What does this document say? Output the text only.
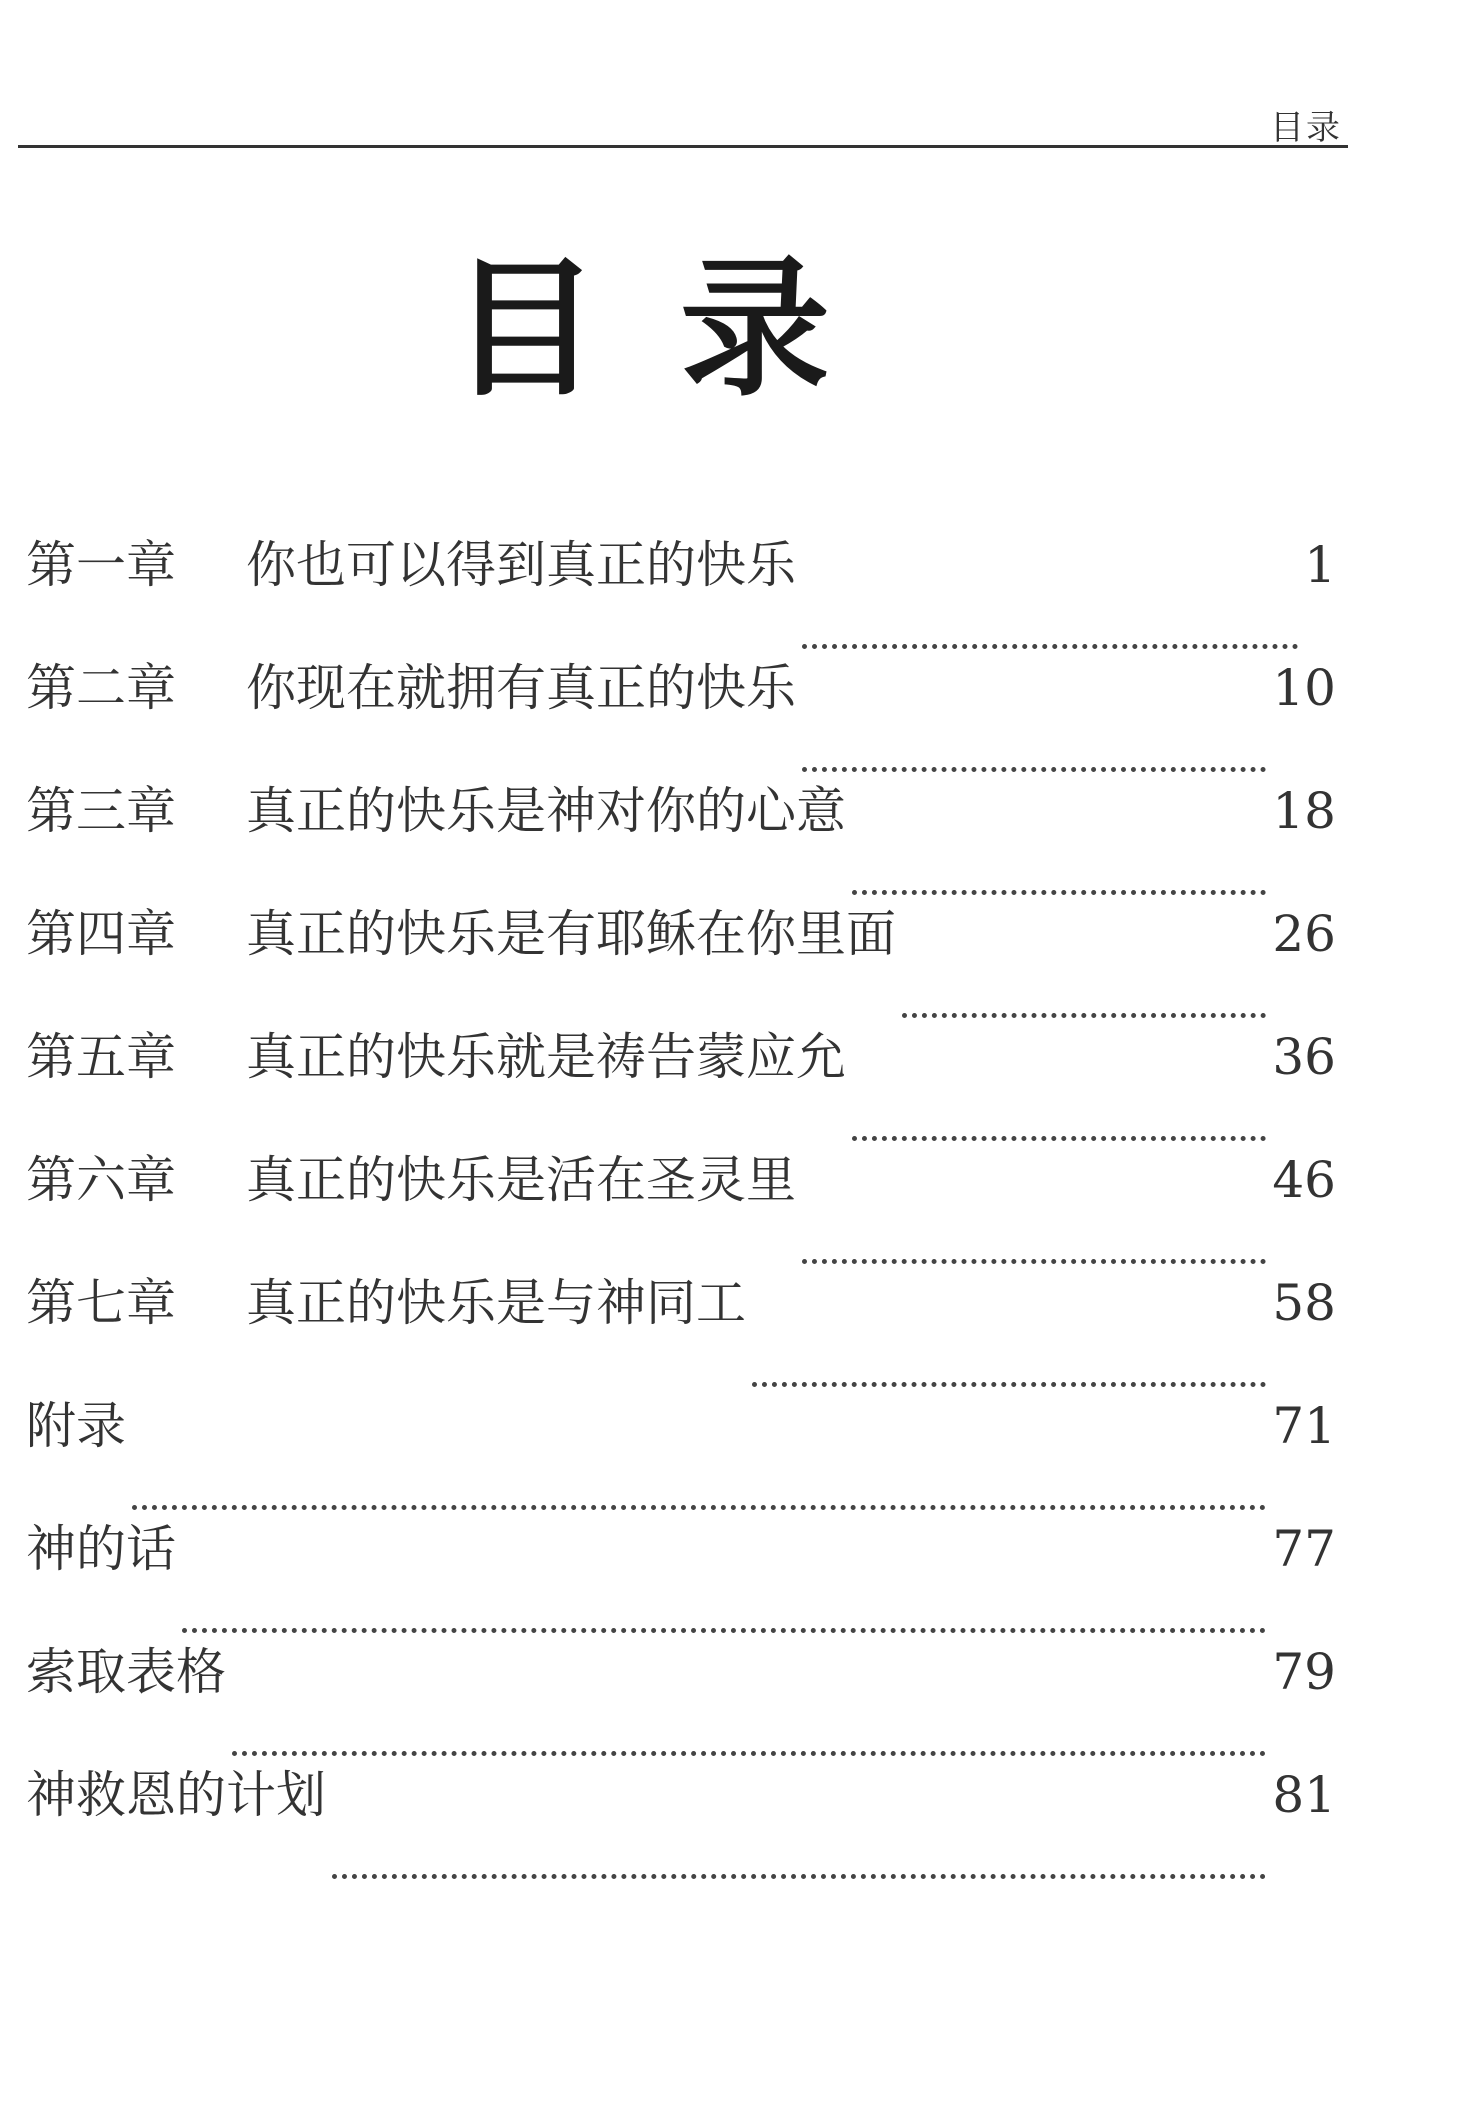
目录
目录
第一章	你也可以得到真正的快乐	1
第二章	你现在就拥有真正的快乐	10
第三章	真正的快乐是神对你的心意	18
第四章	真正的快乐是有耶稣在你里面	26
第五章	真正的快乐就是祷告蒙应允	36
第六章	真正的快乐是活在圣灵里	46
第七章	真正的快乐是与神同工	58
附录	71
神的话	77
索取表格	79
神救恩的计划	81
